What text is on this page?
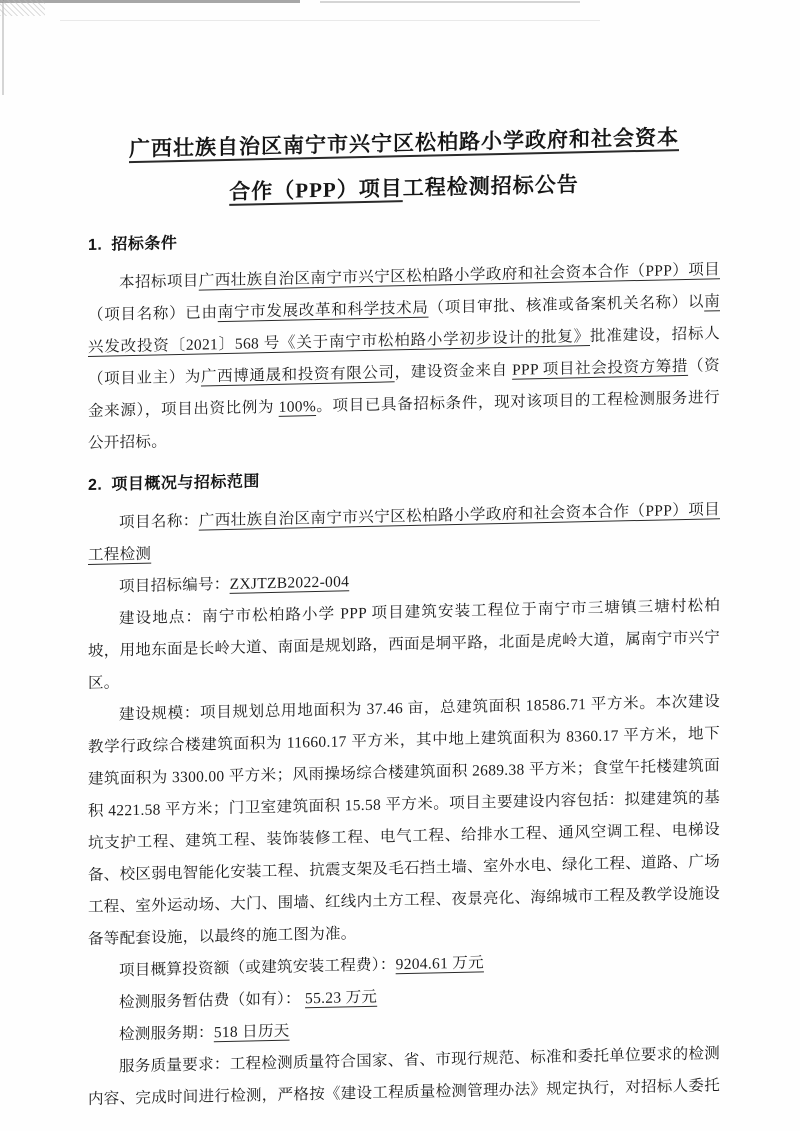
广西壮族自治区南宁市兴宁区松柏路小学政府和社会资本
合作（PPP）项目工程检测招标公告
1. 招标条件

本招标项目广西壮族自治区南宁市兴宁区松柏路小学政府和社会资本合作（PPP）项目（项目名称）已由南宁市发展改革和科学技术局（项目审批、核准或备案机关名称）以南兴发改投资〔2021〕568 号《关于南宁市松柏路小学初步设计的批复》批准建设，招标人（项目业主）为广西博通晟和投资有限公司，建设资金来自 PPP 项目社会投资方筹措（资金来源），项目出资比例为 100%。项目已具备招标条件，现对该项目的工程检测服务进行公开招标。

2. 项目概况与招标范围

项目名称：广西壮族自治区南宁市兴宁区松柏路小学政府和社会资本合作（PPP）项目工程检测

项目招标编号：ZXJTZB2022-004

建设地点：南宁市松柏路小学 PPP 项目建筑安装工程位于南宁市三塘镇三塘村松柏坡，用地东面是长岭大道、南面是规划路，西面是垌平路，北面是虎岭大道，属南宁市兴宁区。

建设规模：项目规划总用地面积为 37.46 亩，总建筑面积 18586.71 平方米。本次建设教学行政综合楼建筑面积为 11660.17 平方米，其中地上建筑面积为 8360.17 平方米，地下建筑面积为 3300.00 平方米；风雨操场综合楼建筑面积 2689.38 平方米；食堂午托楼建筑面积 4221.58 平方米；门卫室建筑面积 15.58 平方米。项目主要建设内容包括：拟建建筑的基坑支护工程、建筑工程、装饰装修工程、电气工程、给排水工程、通风空调工程、电梯设备、校区弱电智能化安装工程、抗震支架及毛石挡土墙、室外水电、绿化工程、道路、广场工程、室外运动场、大门、围墙、红线内土方工程、夜景亮化、海绵城市工程及教学设施设备等配套设施，以最终的施工图为准。

项目概算投资额（或建筑安装工程费）：9204.61 万元

检测服务暂估费（如有）： 55.23 万元

检测服务期：518 日历天

服务质量要求：工程检测质量符合国家、省、市现行规范、标准和委托单位要求的检测内容、完成时间进行检测，严格按《建设工程质量检测管理办法》规定执行，对招标人委托
